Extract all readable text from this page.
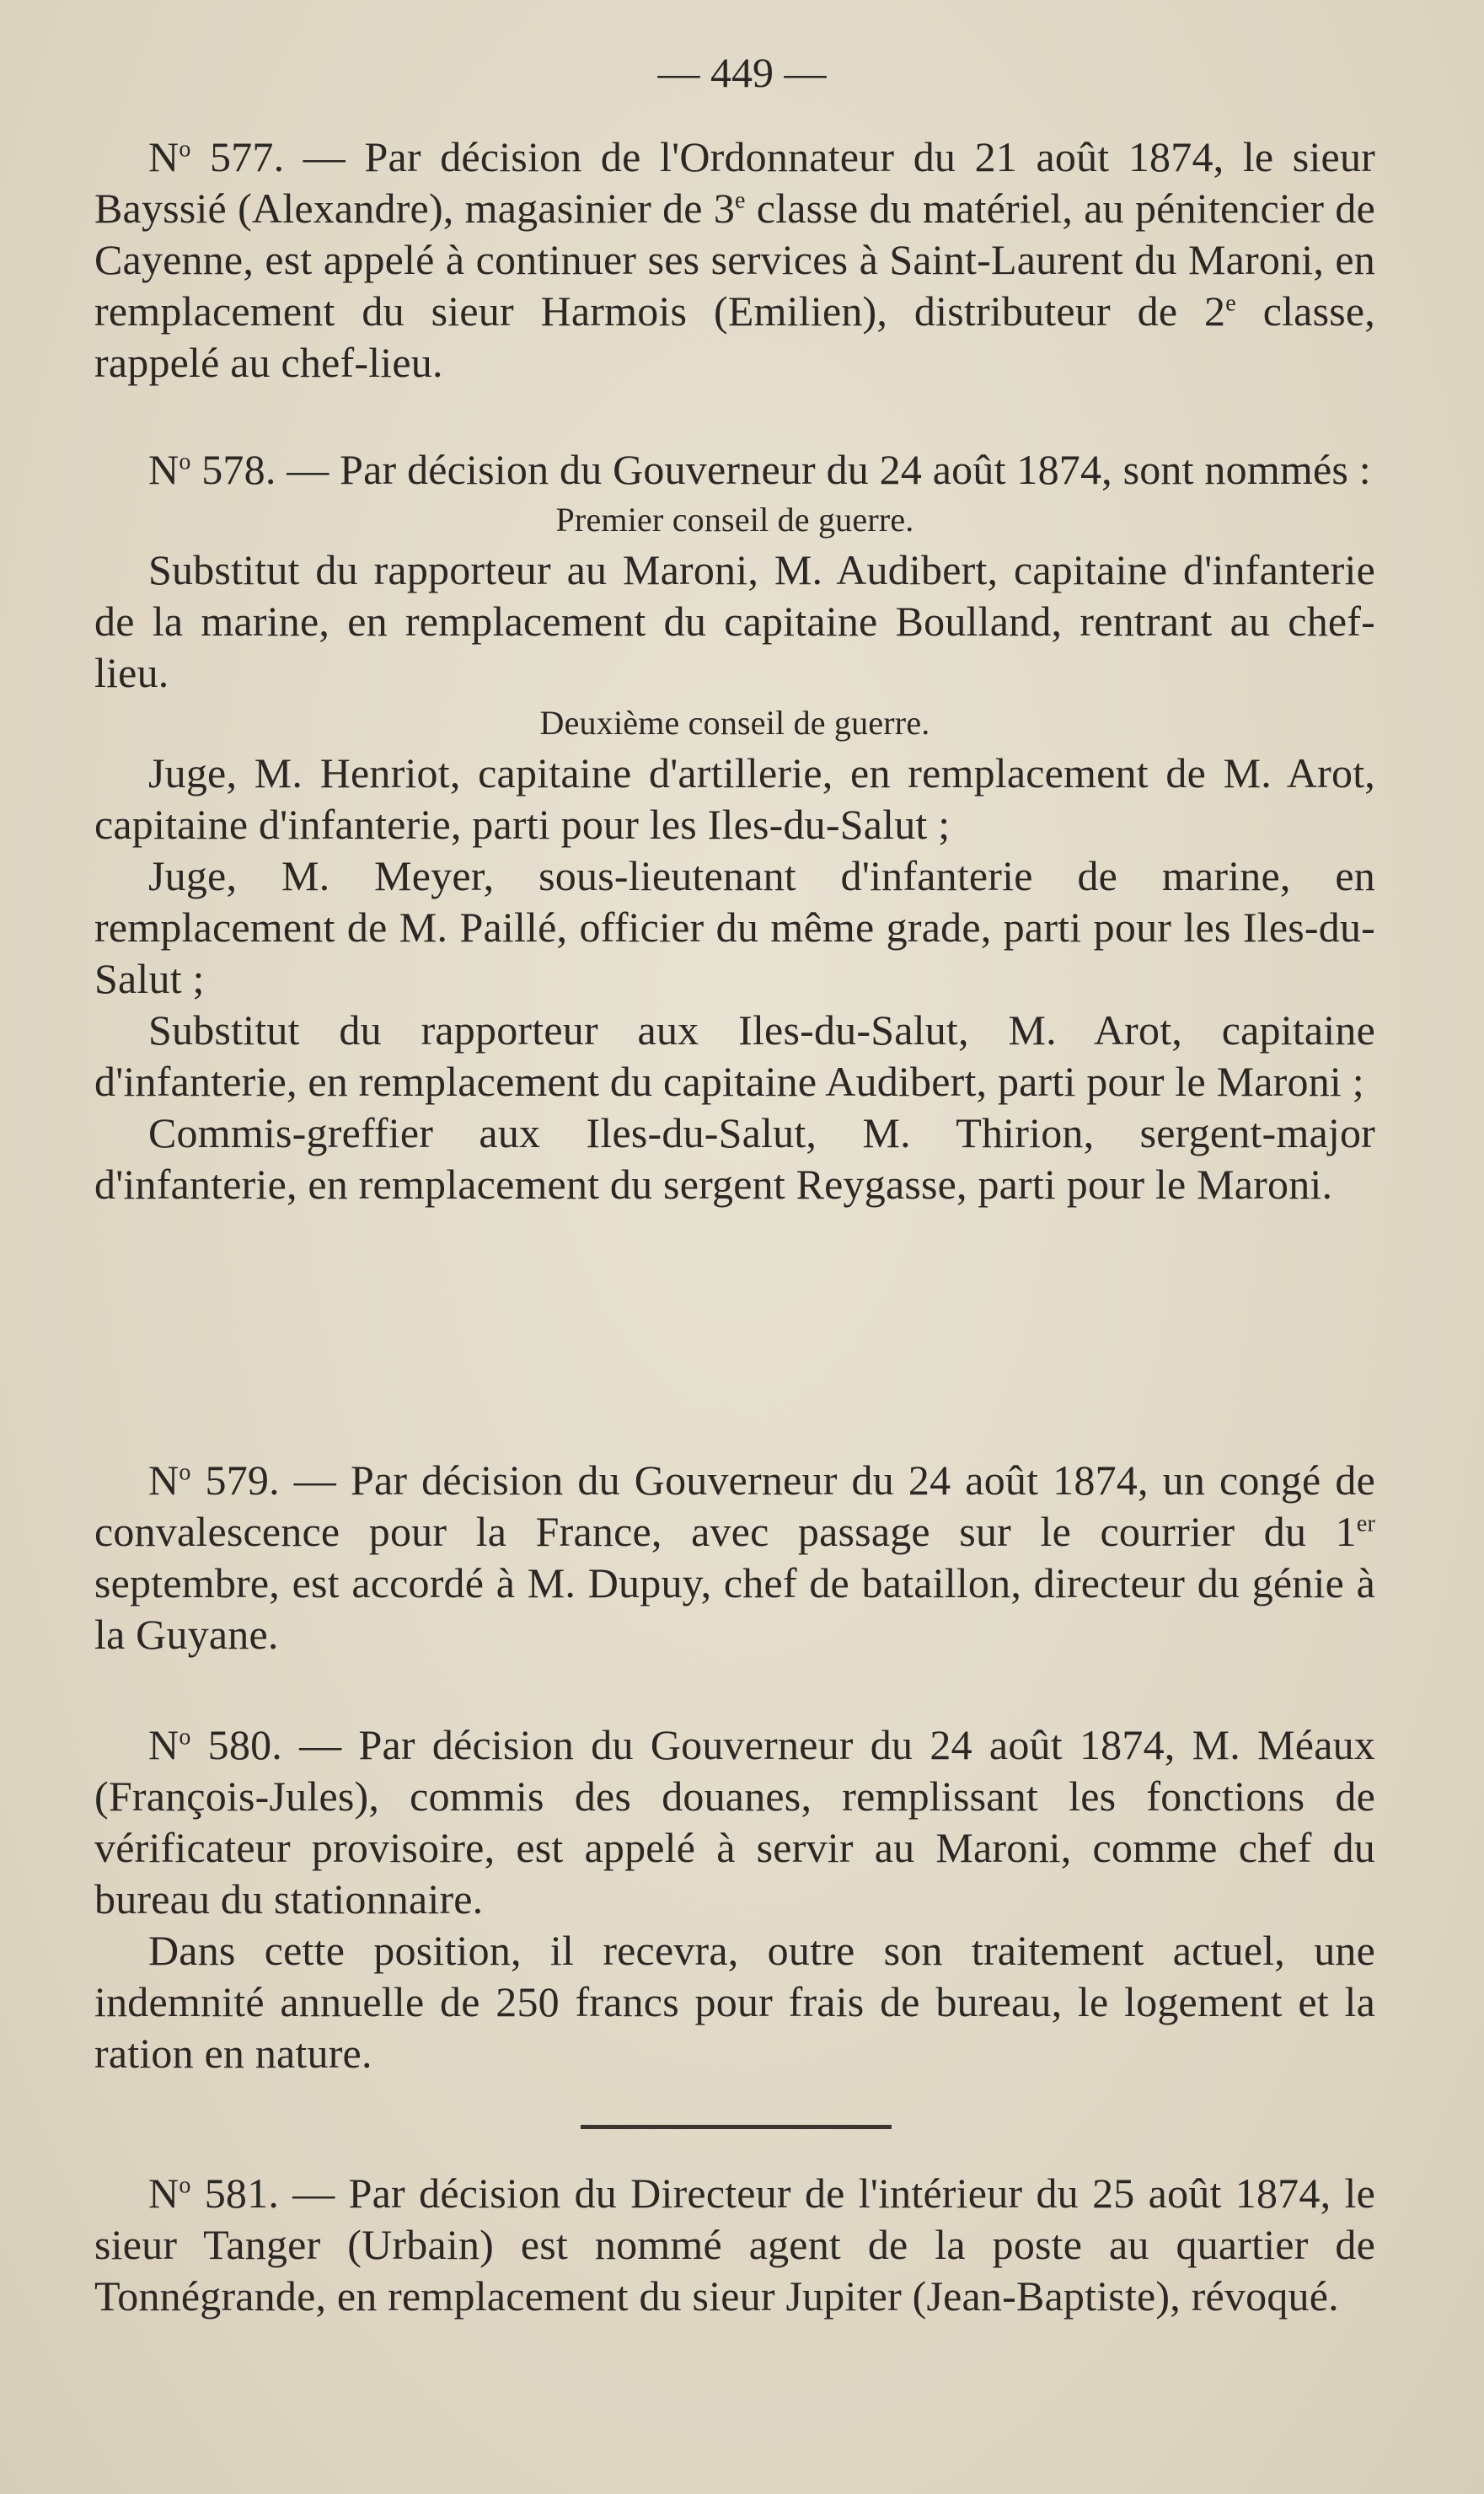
— 449 —

$N^o$ 577. — Par décision de l'Ordonnateur du 21 août 1874, le sieur Bayssié (Alexandre), magasinier de 3e classe du matériel, au pénitencier de Cayenne, est appelé à continuer ses services à Saint-Laurent du Maroni, en remplacement du sieur Harmois (Emilien), distributeur de 2e classe, rappelé au chef-lieu.

$N^o$ 578. — Par décision du Gouverneur du 24 août 1874, sont nommés :

Premier conseil de guerre.

Substitut du rapporteur au Maroni, M. Audibert, capitaine d'infanterie de la marine, en remplacement du capitaine Boulland, rentrant au chef-lieu.

Deuxième conseil de guerre.

Juge, M. Henriot, capitaine d'artillerie, en remplacement de M. Arot, capitaine d'infanterie, parti pour les Iles-du-Salut ;

Juge, M. Meyer, sous-lieutenant d'infanterie de marine, en remplacement de M. Paillé, officier du même grade, parti pour les Iles-du-Salut ;

Substitut du rapporteur aux Iles-du-Salut, M. Arot, capitaine d'infanterie, en remplacement du capitaine Audibert, parti pour le Maroni ;

Commis-greffier aux Iles-du-Salut, M. Thirion, sergent-major d'infanterie, en remplacement du sergent Reygasse, parti pour le Maroni.

$N^o$ 579. — Par décision du Gouverneur du 24 août 1874, un congé de convalescence pour la France, avec passage sur le courrier du 1er septembre, est accordé à M. Dupuy, chef de bataillon, directeur du génie à la Guyane.

$N^o$ 580. — Par décision du Gouverneur du 24 août 1874, M. Méaux (François-Jules), commis des douanes, remplissant les fonctions de vérificateur provisoire, est appelé à servir au Maroni, comme chef du bureau du stationnaire.

Dans cette position, il recevra, outre son traitement actuel, une indemnité annuelle de 250 francs pour frais de bureau, le logement et la ration en nature.

$N^o$ 581. — Par décision du Directeur de l'intérieur du 25 août 1874, le sieur Tanger (Urbain) est nommé agent de la poste au quartier de Tonnégrande, en remplacement du sieur Jupiter (Jean-Baptiste), révoqué.
